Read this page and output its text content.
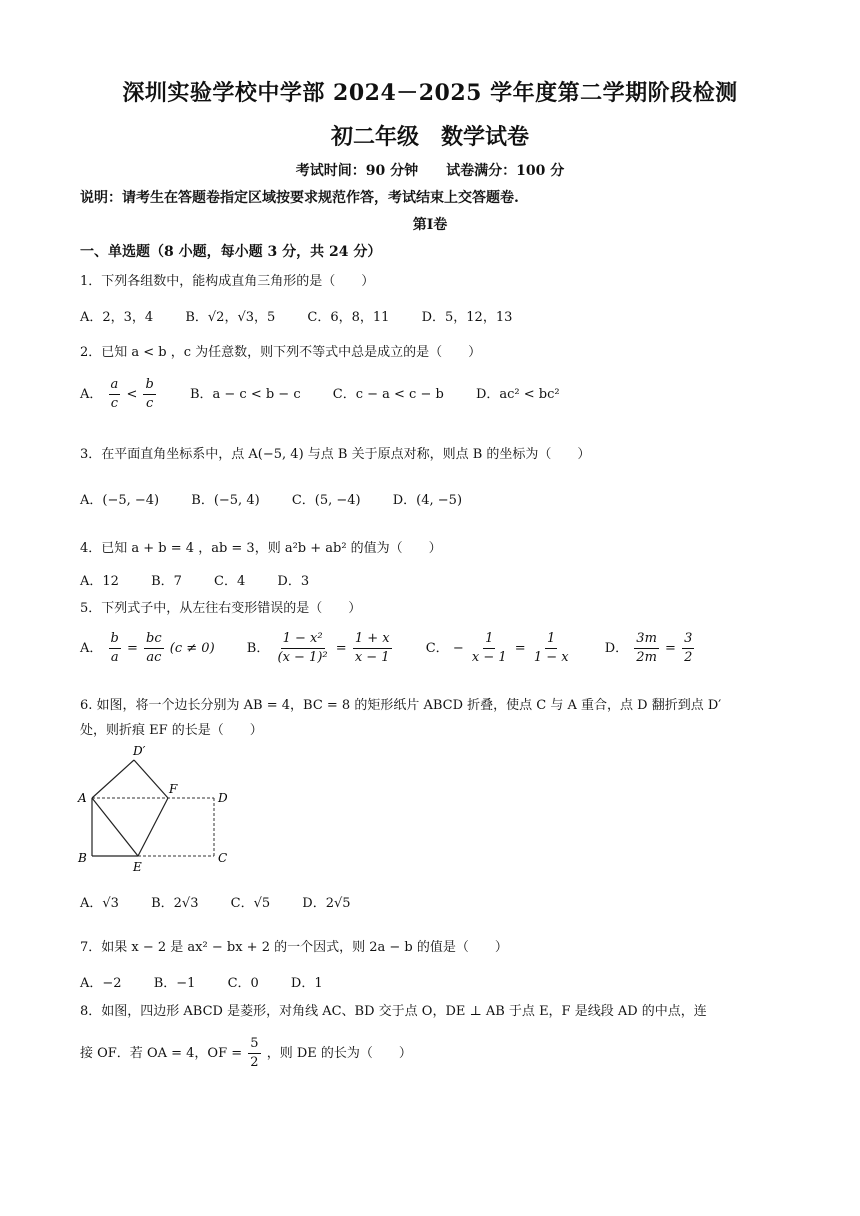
深圳实验学校中学部 2024－2025 学年度第二学期阶段检测
初二年级　数学试卷
考试时间：90 分钟　　试卷满分：100 分
说明：请考生在答题卷指定区域按要求规范作答，考试结束上交答题卷.
第Ⅰ卷
一、单选题（8 小题，每小题 3 分，共 24 分）
1．下列各组数中，能构成直角三角形的是（　　）
A．2，3，4 B．√2，√3，5 C．6，8，11 D．5，12，13
2．已知 a < b ，c 为任意数，则下列不等式中总是成立的是（　　）
A． $\frac{a}{c} < \frac{b}{c}$	B．a − c < b − c C．c − a < c − b D．ac² < bc²
3．在平面直角坐标系中，点 A(−5, 4) 与点 B 关于原点对称，则点 B 的坐标为（　　）
A．(−5, −4) B．(−5, 4) C．(5, −4) D．(4, −5)
4．已知 a + b = 4 ，ab = 3，则 a²b + ab² 的值为（　　）
A．12 B．7 C．4 D．3
5．下列式子中，从左往右变形错误的是（　　）
A． $\frac{b}{a} = \frac{bc}{ac} (c \ne 0)$ B． $\frac{\text{1 − x²}}{\text{(x − 1)²}} = \frac{1 + x}{x - 1}$	C． − $\frac{1}{x - 1} = \frac{1}{1 - x}$	D． $\frac{3m}{2m} = \frac{3}{2}$
6. 如图，将一个边长分别为 AB = 4，BC = 8 的矩形纸片 ABCD 折叠，使点 C 与 A 重合，点 D 翻折到点 D′
处，则折痕 EF 的长是（　　）
D′
A
F
D
B
E
C
A．√3 B．2√3 C．√5 D．2√5
7．如果 x − 2 是 ax² − bx + 2 的一个因式，则 2a − b 的值是（　　）
A．−2 B．−1 C．0 D．1
8．如图，四边形 ABCD 是菱形，对角线 AC、BD 交于点 O，DE ⊥ AB 于点 E，F 是线段 AD 的中点，连
接 OF．若 OA = 4，OF = $\frac{5}{2}$ ，则 DE 的长为（　　）
